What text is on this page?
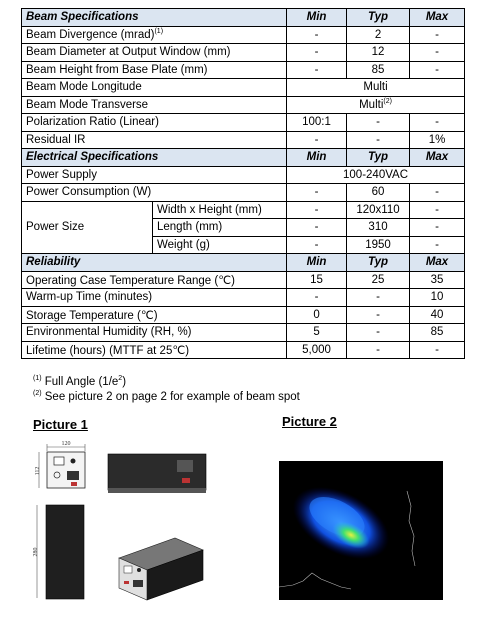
Beam Specifications		Min	Typ	Max
Beam Divergence (mrad)$^{(1)}$		-	2	-
Beam Diameter at Output Window (mm)		-	12	-
Beam Height from Base Plate (mm)		-	85	-
Beam Mode Longitude		Multi		
Beam Mode Transverse		Multi$^{(2)}$
Polarization Ratio (Linear)		100:1	-	-
Residual IR		-	-	1%
Electrical Specifications		Min	Typ	Max
Power Supply		100-240VAC		
Power Consumption (W)		-	60	-
Power Size	Width x Height (mm)	-	120x110	-
	Length (mm)	-	310	-
	Weight (g)	-	1950	-
Reliability		Min	Typ	Max
Operating Case Temperature Range (℃)		15	25	35
Warm-up Time (minutes)		-	-	10
Storage Temperature (℃)		0	-	40
Environmental Humidity (RH, %)		5	-	85
Lifetime (hours) (MTTF at 25℃)		5,000	-	-
$^{(1)}$ Full Angle $(1/e^2)$
$^{(2)}$ See picture 2 on page 2 for example of beam spot
Picture 1	Picture 2
120
112
280
